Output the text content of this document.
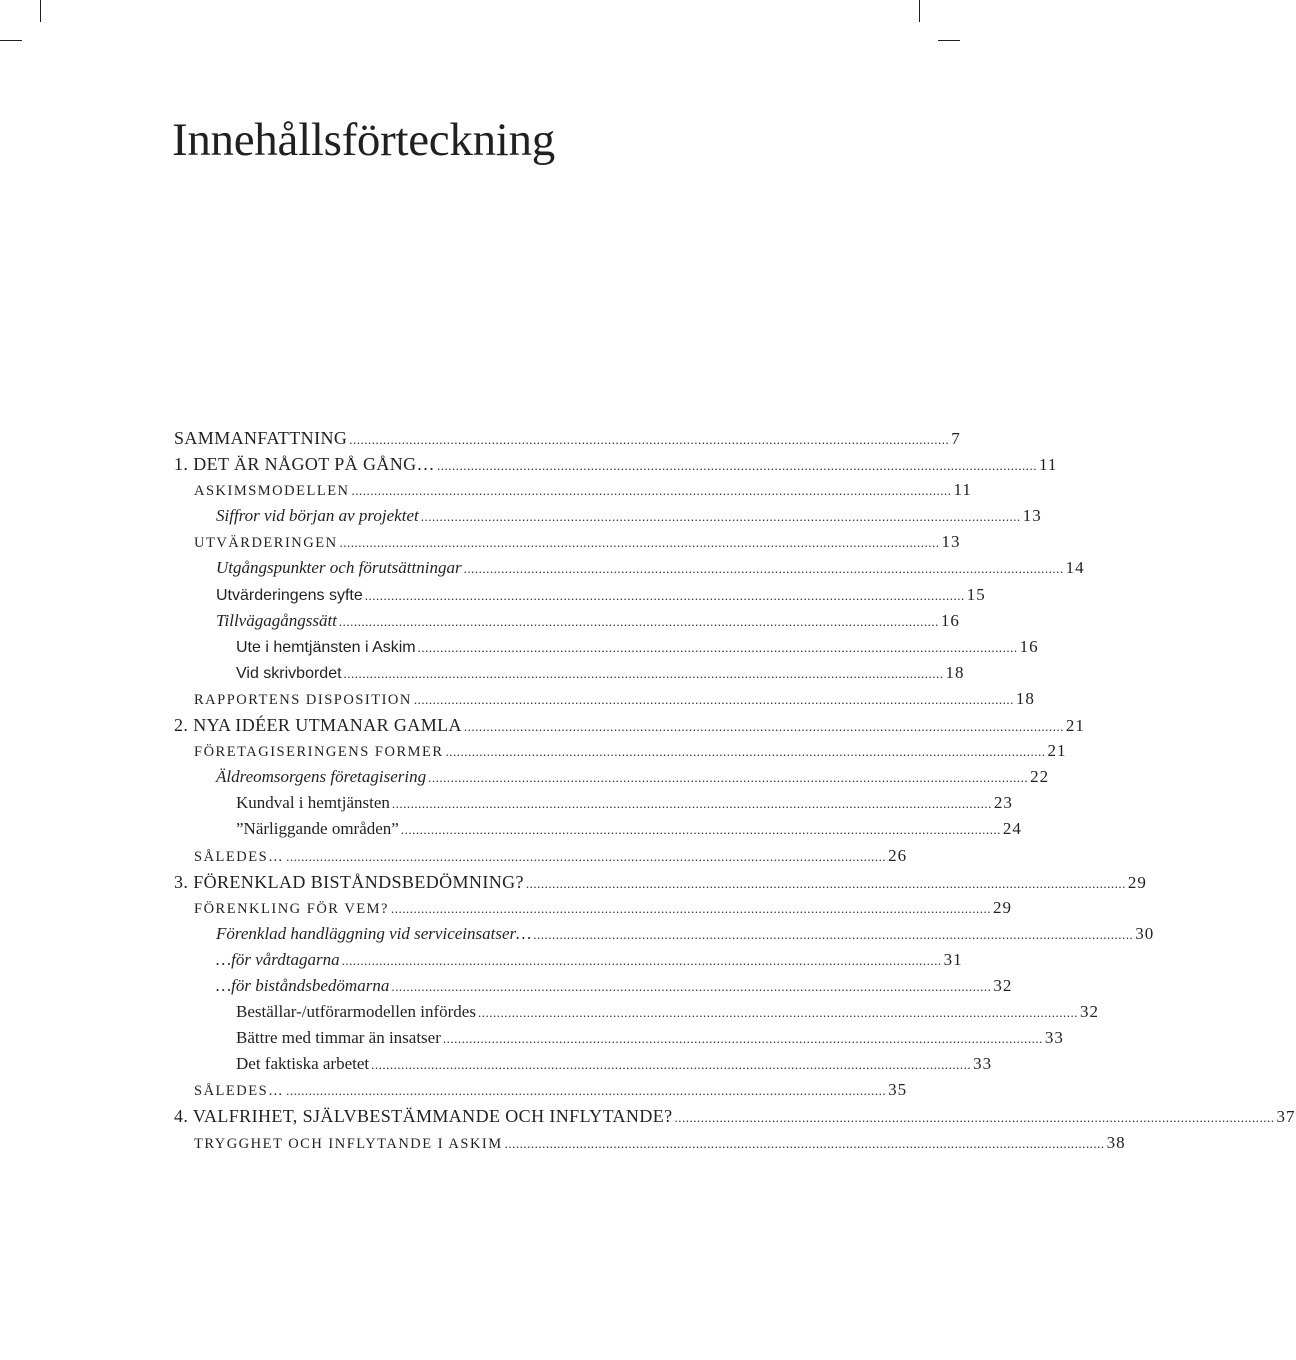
Innehållsförteckning
SAMMANFATTNING ................................................................................................................................................................ 7
1. DET ÄR NÅGOT PÅ GÅNG… ................................................................................................................................................................ 11
ASKIMSMODELLEN ................................................................................................................................................................ 11
Siffror vid början av projektet ................................................................................................................................................................ 13
UTVÄRDERINGEN ................................................................................................................................................................ 13
Utgångspunkter och förutsättningar ................................................................................................................................................................ 14
Utvärderingens syfte ................................................................................................................................................................ 15
Tillvägagångssätt ................................................................................................................................................................ 16
Ute i hemtjänsten i Askim ................................................................................................................................................................ 16
Vid skrivbordet ................................................................................................................................................................ 18
RAPPORTENS DISPOSITION ................................................................................................................................................................ 18
2. NYA IDÉER UTMANAR GAMLA ................................................................................................................................................................ 21
FÖRETAGISERINGENS FORMER ................................................................................................................................................................ 21
Äldreomsorgens företagisering ................................................................................................................................................................ 22
Kundval i hemtjänsten ................................................................................................................................................................ 23
”Närliggande områden” ................................................................................................................................................................ 24
SÅLEDES… ................................................................................................................................................................ 26
3. FÖRENKLAD BISTÅNDSBEDÖMNING? ................................................................................................................................................................ 29
FÖRENKLING FÖR VEM? ................................................................................................................................................................ 29
Förenklad handläggning vid serviceinsatser… ................................................................................................................................................................ 30
…för vårdtagarna ................................................................................................................................................................ 31
…för biståndsbedömarna ................................................................................................................................................................ 32
Beställar-/utförarmodellen infördes ................................................................................................................................................................ 32
Bättre med timmar än insatser ................................................................................................................................................................ 33
Det faktiska arbetet ................................................................................................................................................................ 33
SÅLEDES… ................................................................................................................................................................ 35
4. VALFRIHET, SJÄLVBESTÄMMANDE OCH INFLYTANDE? ................................................................................................................................................................ 37
TRYGGHET OCH INFLYTANDE I ASKIM ................................................................................................................................................................ 38
